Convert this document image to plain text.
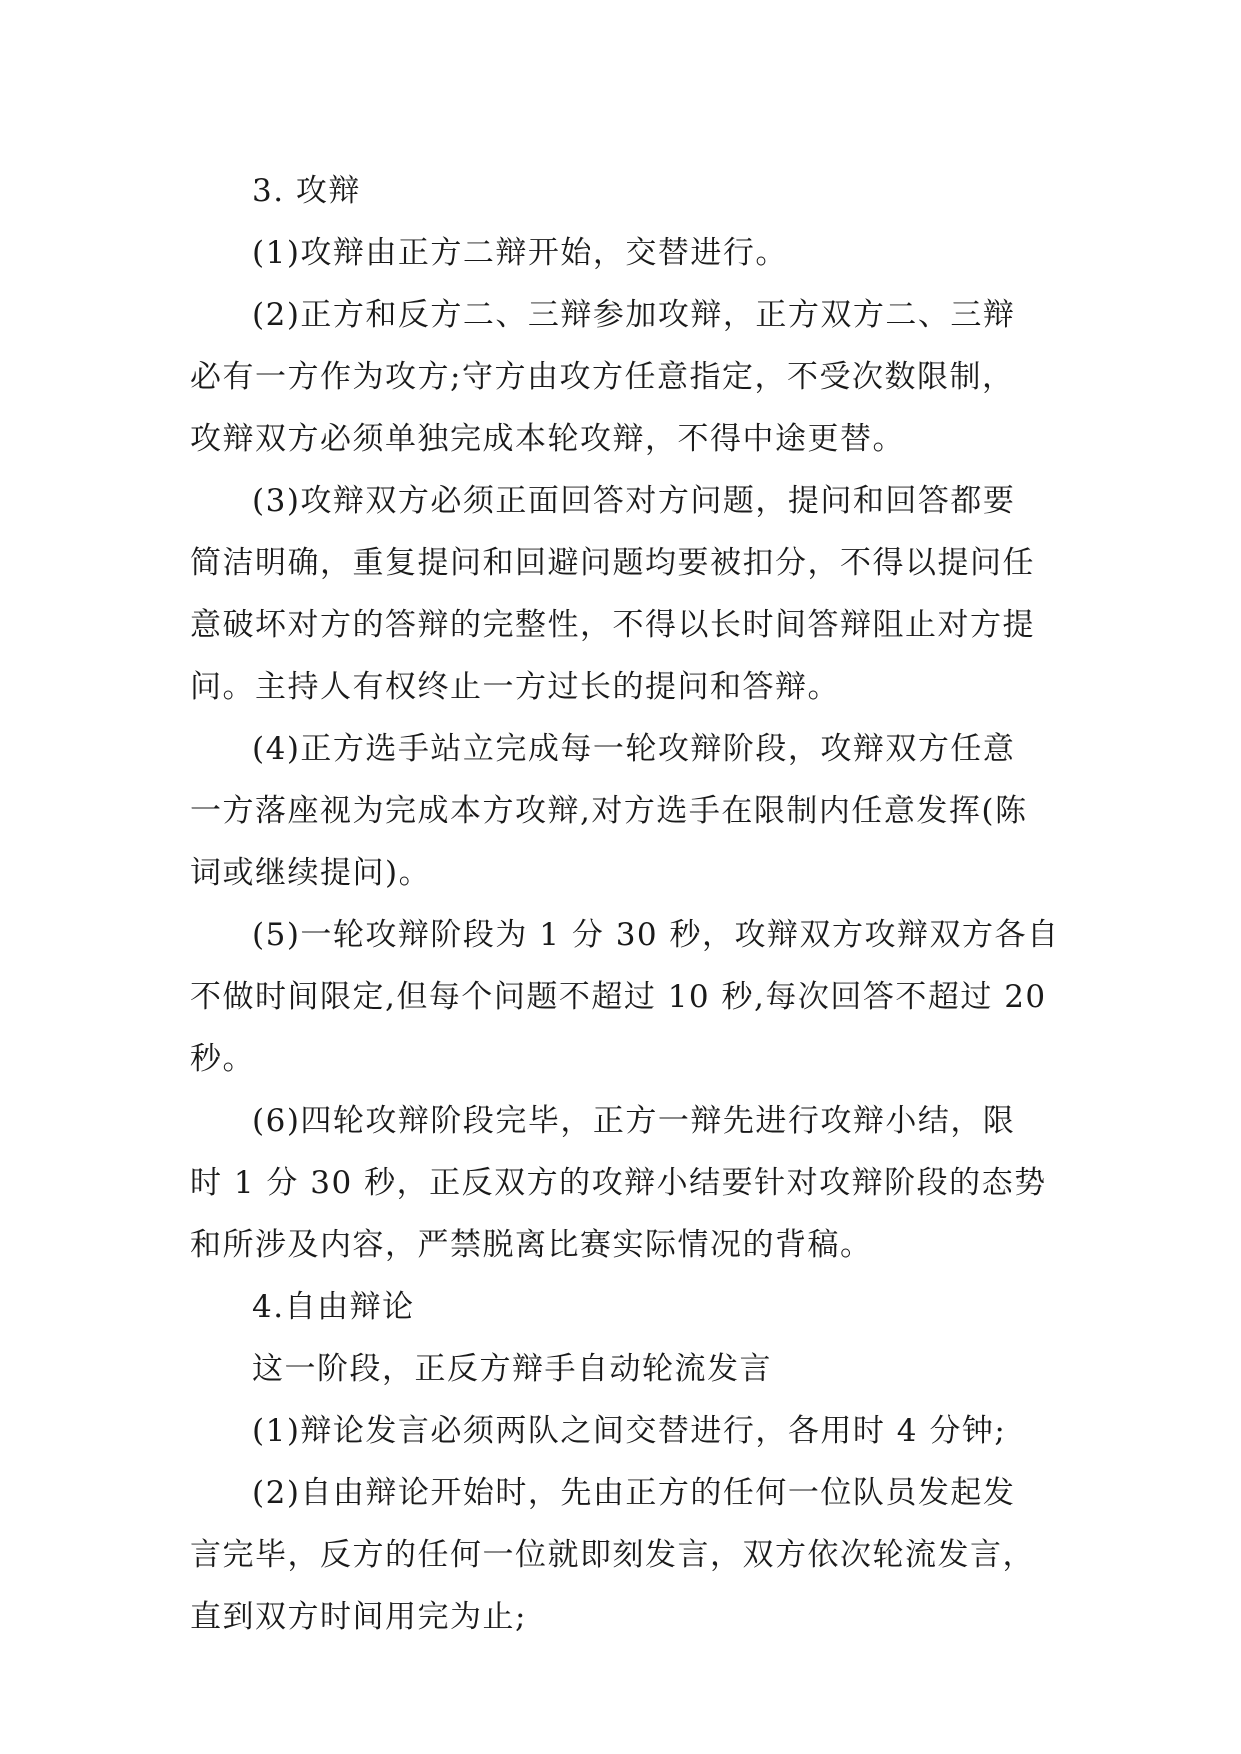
3. 攻辩
(1)攻辩由正方二辩开始，交替进行。
(2)正方和反方二、三辩参加攻辩，正方双方二、三辩
必有一方作为攻方;守方由攻方任意指定，不受次数限制，
攻辩双方必须单独完成本轮攻辩，不得中途更替。
(3)攻辩双方必须正面回答对方问题，提问和回答都要
简洁明确，重复提问和回避问题均要被扣分，不得以提问任
意破坏对方的答辩的完整性，不得以长时间答辩阻止对方提
问。主持人有权终止一方过长的提问和答辩。
(4)正方选手站立完成每一轮攻辩阶段，攻辩双方任意
一方落座视为完成本方攻辩,对方选手在限制内任意发挥(陈
词或继续提问)。
(5)一轮攻辩阶段为 1 分 30 秒，攻辩双方攻辩双方各自
不做时间限定,但每个问题不超过 10 秒,每次回答不超过 20
秒。
(6)四轮攻辩阶段完毕，正方一辩先进行攻辩小结，限
时 1 分 30 秒，正反双方的攻辩小结要针对攻辩阶段的态势
和所涉及内容，严禁脱离比赛实际情况的背稿。
4.自由辩论
这一阶段，正反方辩手自动轮流发言
(1)辩论发言必须两队之间交替进行，各用时 4 分钟;
(2)自由辩论开始时，先由正方的任何一位队员发起发
言完毕，反方的任何一位就即刻发言，双方依次轮流发言，
直到双方时间用完为止;
